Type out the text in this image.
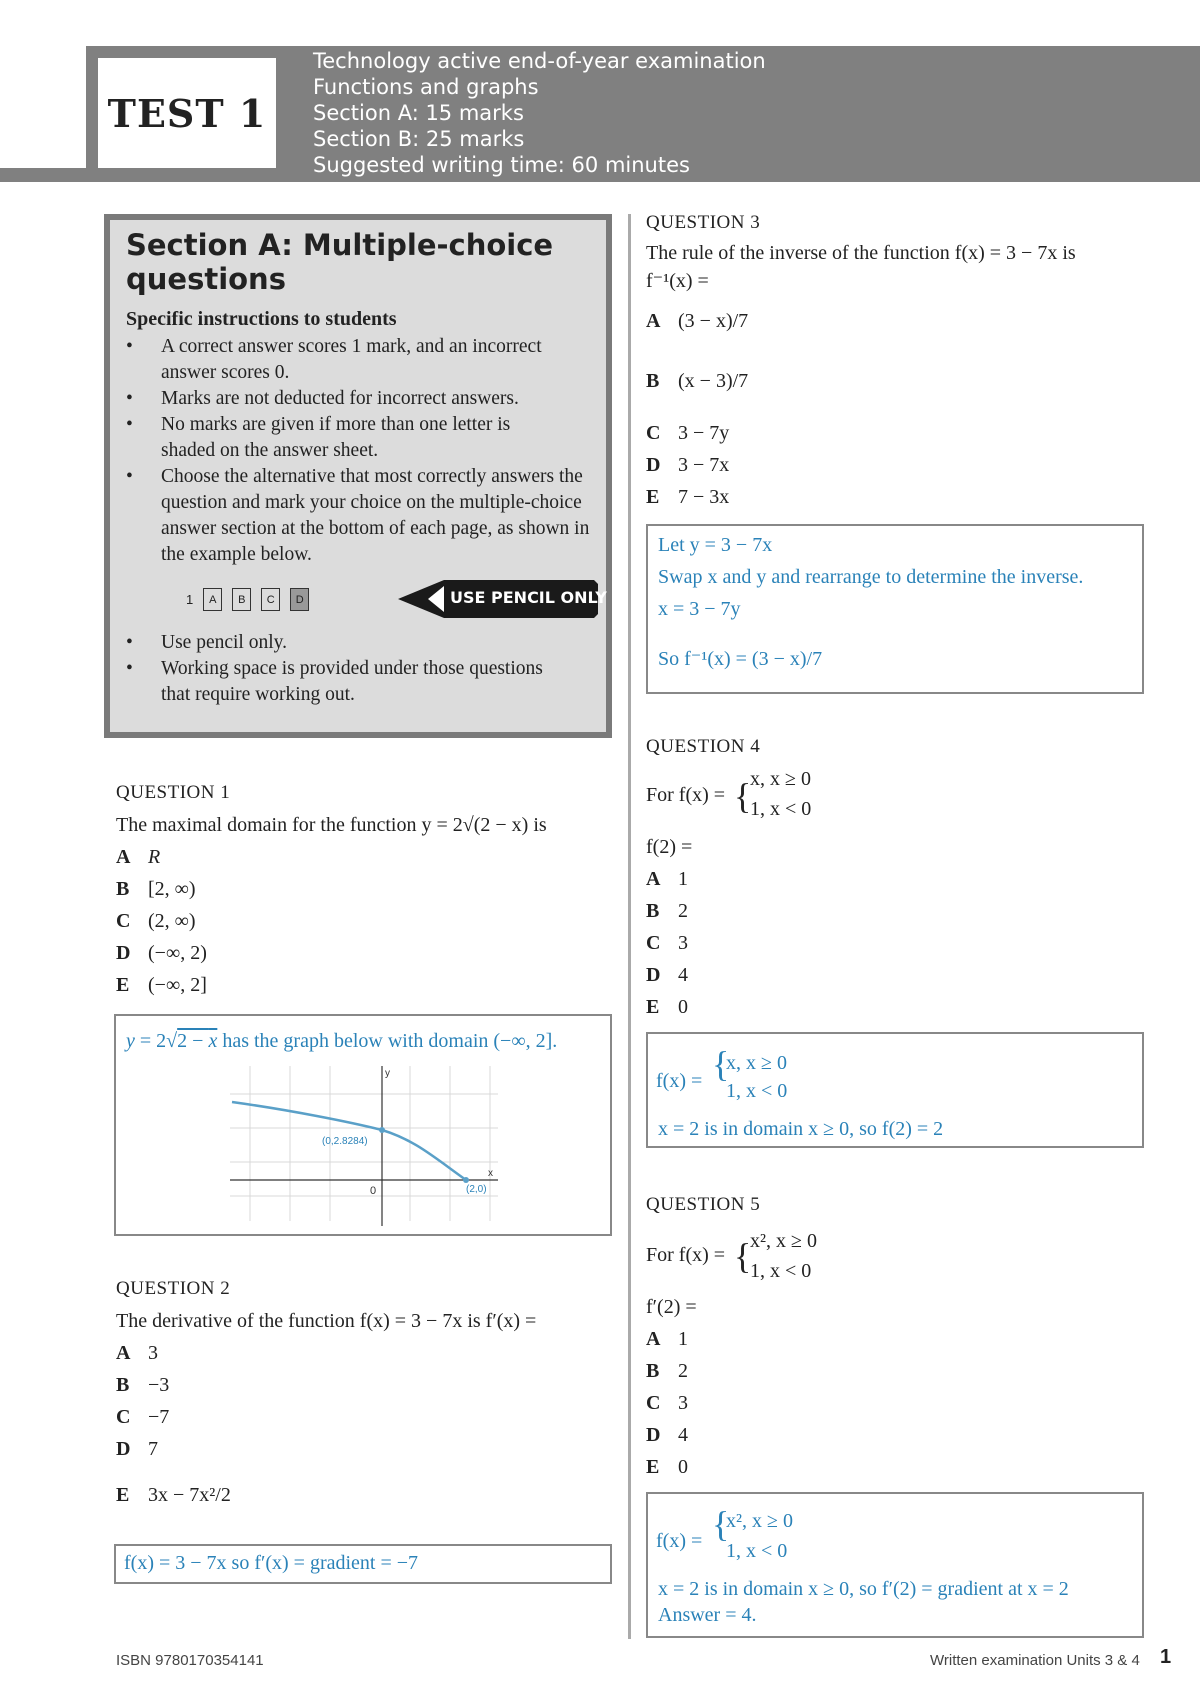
TEST 1
Technology active end-of-year examination
Functions and graphs
Section A: 15 marks
Section B: 25 marks
Suggested writing time: 60 minutes
Section A: Multiple-choice questions
Specific instructions to students
• A correct answer scores 1 mark, and an incorrect answer scores 0.
• Marks are not deducted for incorrect answers.
• No marks are given if more than one letter is shaded on the answer sheet.
• Choose the alternative that most correctly answers the question and mark your choice on the multiple-choice answer section at the bottom of each page, as shown in the example below.
1	A	B	C	D	USE PENCIL ONLY
• Use pencil only.
• Working space is provided under those questions that require working out.
QUESTION 1
The maximal domain for the function y = 2√(2 − x) is
A R
B [2, ∞)
C (2, ∞)
D (−∞, 2)
E (−∞, 2]
y = 2√2 − x has the graph below with domain (−∞, 2].
(0,2.8284)
(2,0)
0
x
y
QUESTION 2
The derivative of the function f(x) = 3 − 7x is f′(x) =
A 3
B −3
C −7
D 7
E 3x − 7x²/2
f(x) = 3 − 7x so f′(x) = gradient = −7
QUESTION 3
The rule of the inverse of the function f(x) = 3 − 7x is
f⁻¹(x) =
A (3 − x)/7
B (x − 3)/7
C 3 − 7y
D 3 − 7x
E 7 − 3x
Let y = 3 − 7x
Swap x and y and rearrange to determine the inverse.
x = 3 − 7y
So f⁻¹(x) = (3 − x)/7
QUESTION 4
For f(x) = {
x, x ≥ 0
1, x < 0
f(2) =
A 1
B 2
C 3
D 4
E 0
f(x) = {
x, x ≥ 0
1, x < 0
x = 2 is in domain x ≥ 0, so f(2) = 2
QUESTION 5
For f(x) = {
x², x ≥ 0
1, x < 0
f′(2) =
A 1
B 2
C 3
D 4
E 0
f(x) = {
x², x ≥ 0
1, x < 0
x = 2 is in domain x ≥ 0, so f′(2) = gradient at x = 2
Answer = 4.
ISBN 9780170354141	Written examination Units 3 & 4 1
